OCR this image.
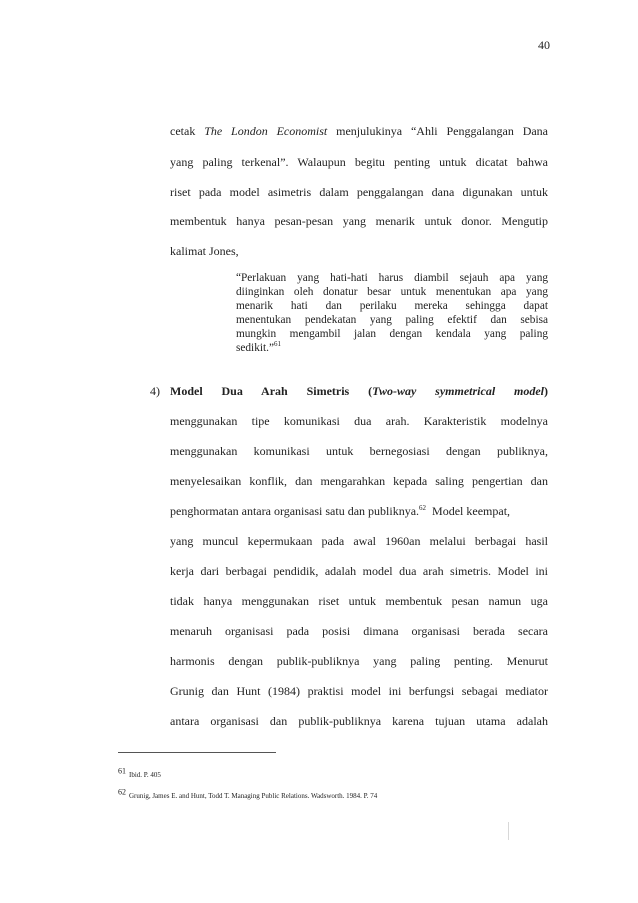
40
cetak The London Economist menjulukinya “Ahli Penggalangan Dana
yang paling terkenal”. Walaupun begitu penting untuk dicatat bahwa
riset pada model asimetris dalam penggalangan dana digunakan untuk
membentuk hanya pesan-pesan yang menarik untuk donor. Mengutip
kalimat Jones,
“Perlakuan yang hati-hati harus diambil sejauh apa yang
diinginkan oleh donatur besar untuk menentukan apa yang
menarik hati dan perilaku mereka sehingga dapat
menentukan pendekatan yang paling efektif dan sebisa
mungkin mengambil jalan dengan kendala yang paling
sedikit.”$^{61}$
4) Model Dua Arah Simetris (Two-way symmetrical model)
menggunakan tipe komunikasi dua arah. Karakteristik modelnya
menggunakan komunikasi untuk bernegosiasi dengan publiknya,
menyelesaikan konflik, dan mengarahkan kepada saling pengertian dan
penghormatan antara organisasi satu dan publiknya.$^{62}$  Model keempat,
yang muncul kepermukaan pada awal 1960an melalui berbagai hasil
kerja dari berbagai pendidik, adalah model dua arah simetris. Model ini
tidak hanya menggunakan riset untuk membentuk pesan namun uga
menaruh organisasi pada posisi dimana organisasi berada secara
harmonis dengan publik-publiknya yang paling penting. Menurut
Grunig dan Hunt (1984) praktisi model ini berfungsi sebagai mediator
antara organisasi dan publik-publiknya karena tujuan utama adalah
$^{61}$ Ibid. P. 405
$^{62}$ Grunig, James E. and Hunt, Todd T. Managing Public Relations. Wadsworth. 1984. P. 74
